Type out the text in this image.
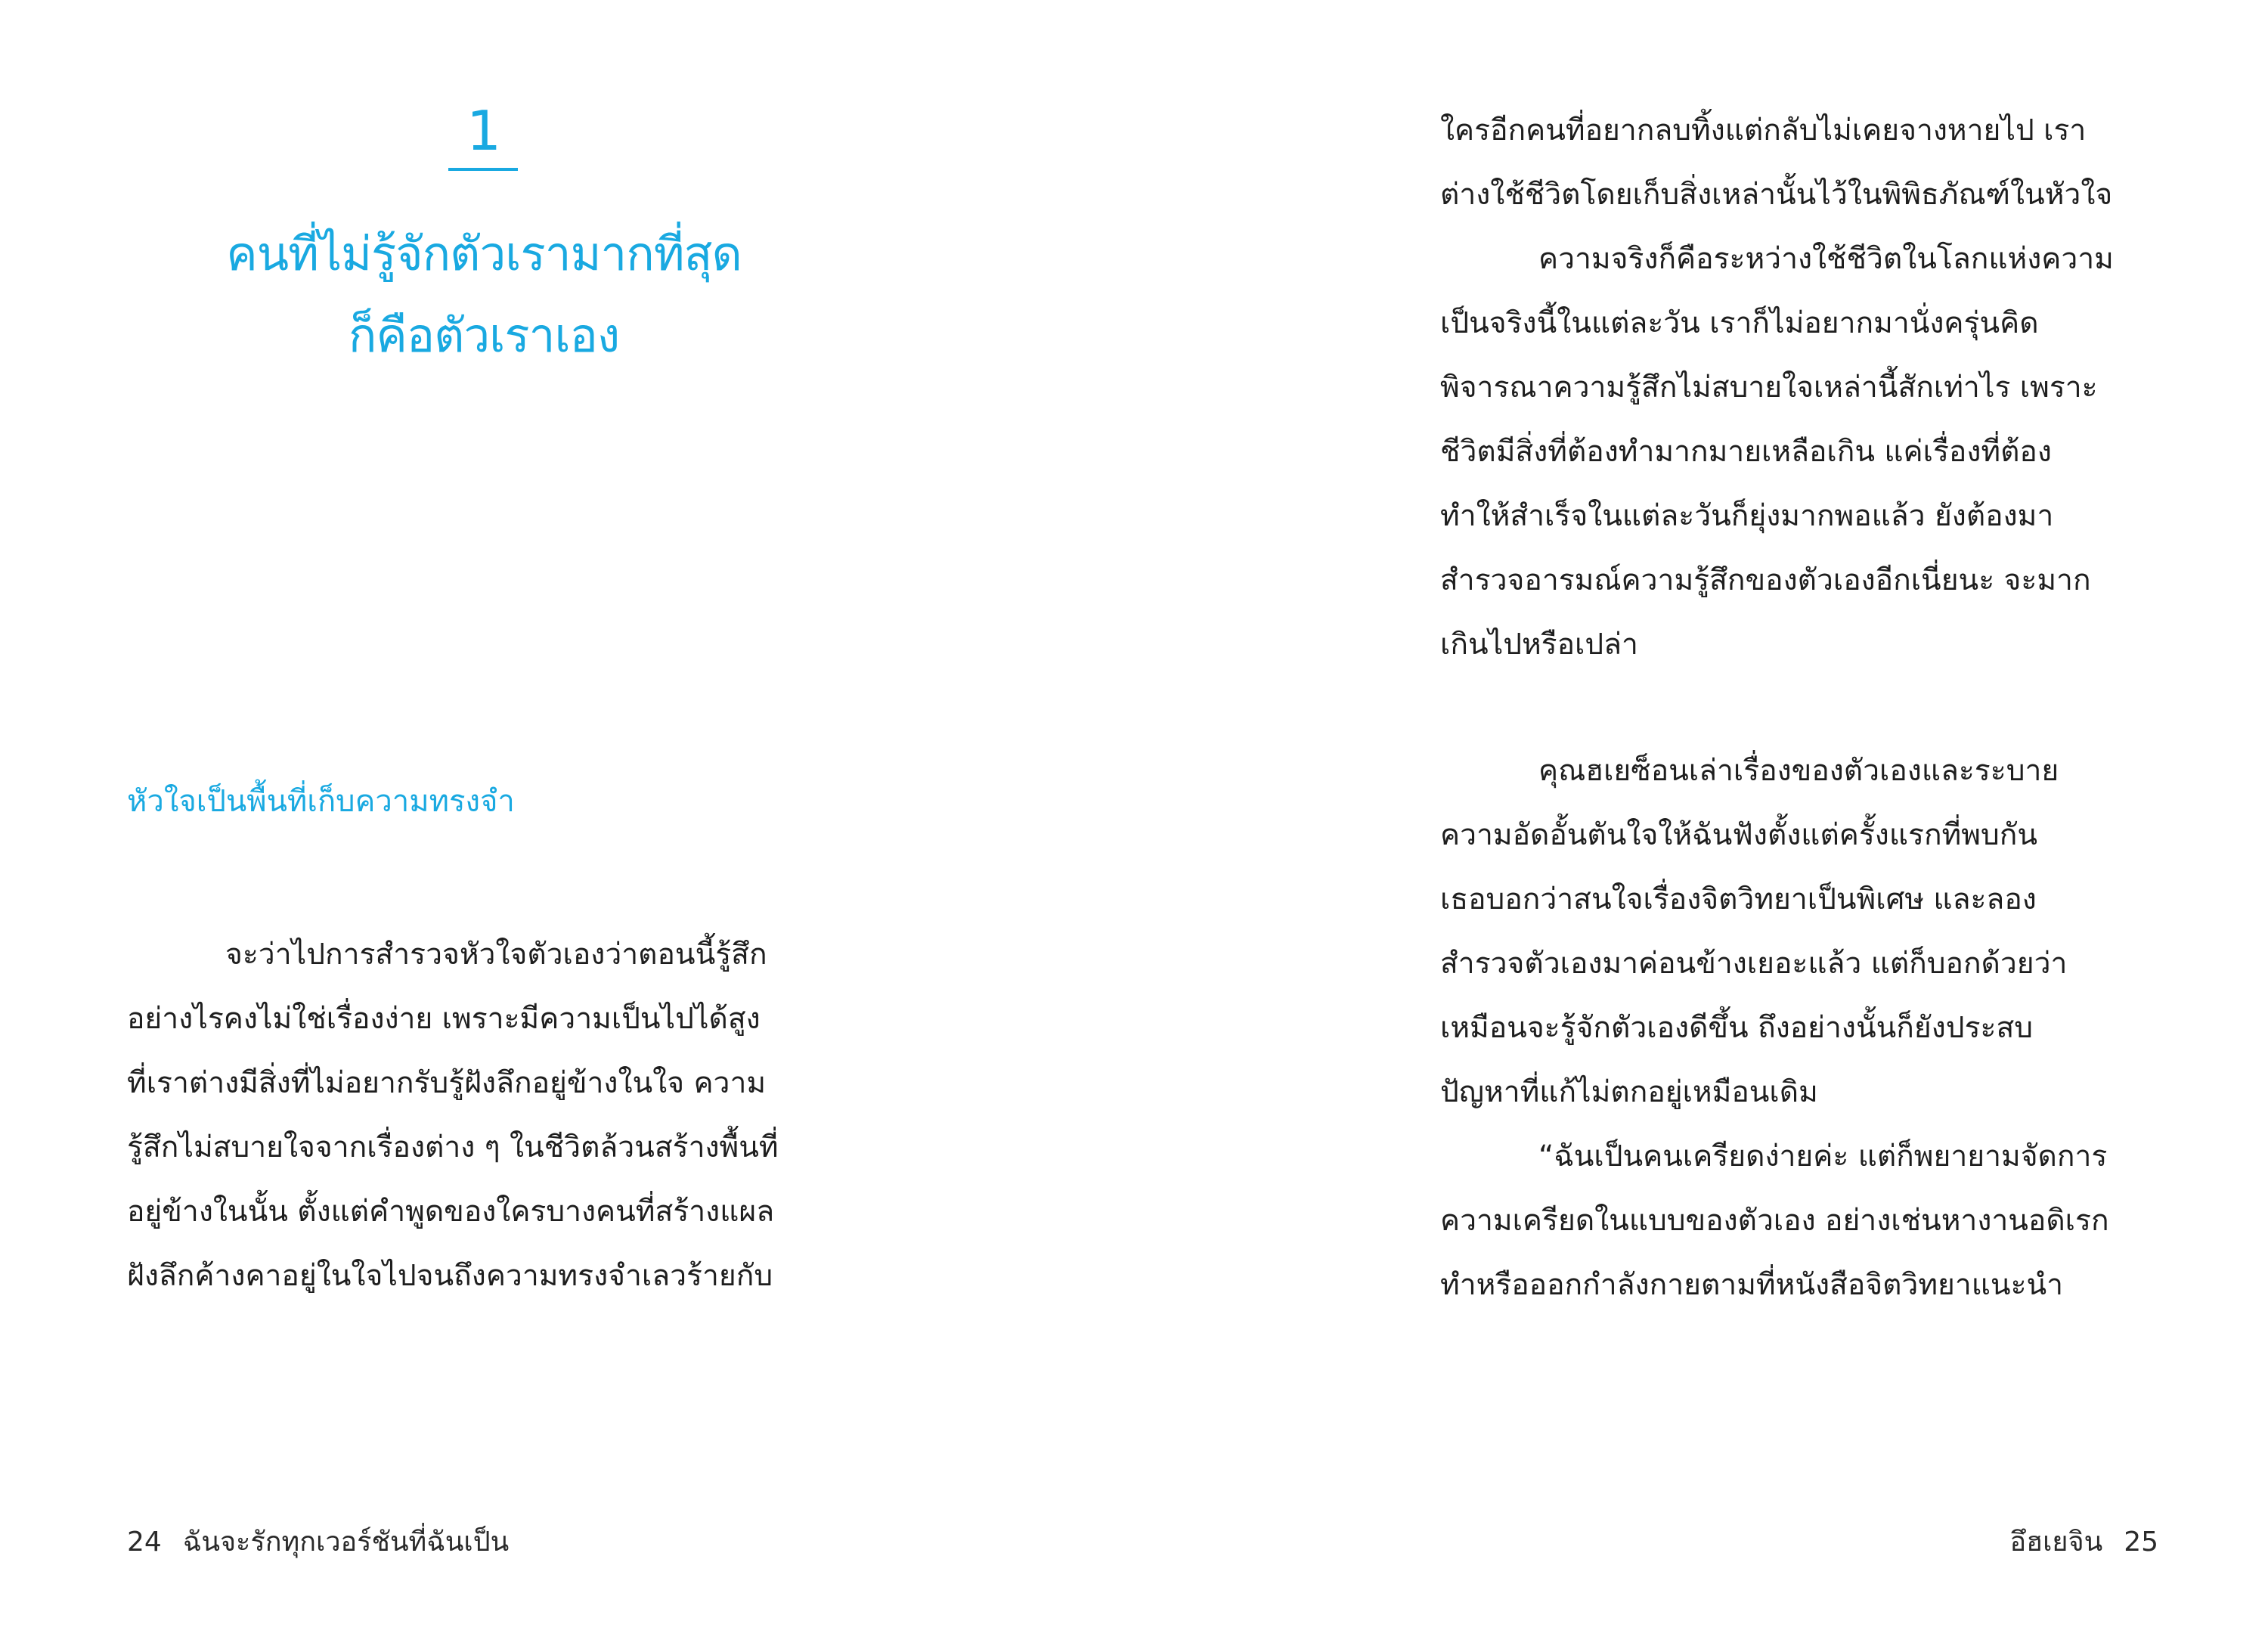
1
คนที่ไม่รู้จักตัวเรามากที่สุด
ก็คือตัวเราเอง
หัวใจเป็นพื้นที่เก็บความทรงจำ
จะว่าไปการสำรวจหัวใจตัวเองว่าตอนนี้รู้สึก
อย่างไรคงไม่ใช่เรื่องง่าย เพราะมีความเป็นไปได้สูง
ที่เราต่างมีสิ่งที่ไม่อยากรับรู้ฝังลึกอยู่ข้างในใจ ความ
รู้สึกไม่สบายใจจากเรื่องต่าง ๆ ในชีวิตล้วนสร้างพื้นที่
อยู่ข้างในนั้น ตั้งแต่คำพูดของใครบางคนที่สร้างแผล
ฝังลึกค้างคาอยู่ในใจไปจนถึงความทรงจำเลวร้ายกับ
24 ฉันจะรักทุกเวอร์ชันที่ฉันเป็น
ใครอีกคนที่อยากลบทิ้งแต่กลับไม่เคยจางหายไป เรา
ต่างใช้ชีวิตโดยเก็บสิ่งเหล่านั้นไว้ในพิพิธภัณฑ์ในหัวใจ
ความจริงก็คือระหว่างใช้ชีวิตในโลกแห่งความ
เป็นจริงนี้ในแต่ละวัน เราก็ไม่อยากมานั่งครุ่นคิด
พิจารณาความรู้สึกไม่สบายใจเหล่านี้สักเท่าไร เพราะ
ชีวิตมีสิ่งที่ต้องทำมากมายเหลือเกิน แค่เรื่องที่ต้อง
ทำให้สำเร็จในแต่ละวันก็ยุ่งมากพอแล้ว ยังต้องมา
สำรวจอารมณ์ความรู้สึกของตัวเองอีกเนี่ยนะ จะมาก
เกินไปหรือเปล่า
คุณฮเยซ็อนเล่าเรื่องของตัวเองและระบาย
ความอัดอั้นตันใจให้ฉันฟังตั้งแต่ครั้งแรกที่พบกัน
เธอบอกว่าสนใจเรื่องจิตวิทยาเป็นพิเศษ และลอง
สำรวจตัวเองมาค่อนข้างเยอะแล้ว แต่ก็บอกด้วยว่า
เหมือนจะรู้จักตัวเองดีขึ้น ถึงอย่างนั้นก็ยังประสบ
ปัญหาที่แก้ไม่ตกอยู่เหมือนเดิม
“ฉันเป็นคนเครียดง่ายค่ะ แต่ก็พยายามจัดการ
ความเครียดในแบบของตัวเอง อย่างเช่นหางานอดิเรก
ทำหรือออกกำลังกายตามที่หนังสือจิตวิทยาแนะนำ
อึฮเยจิน 25
